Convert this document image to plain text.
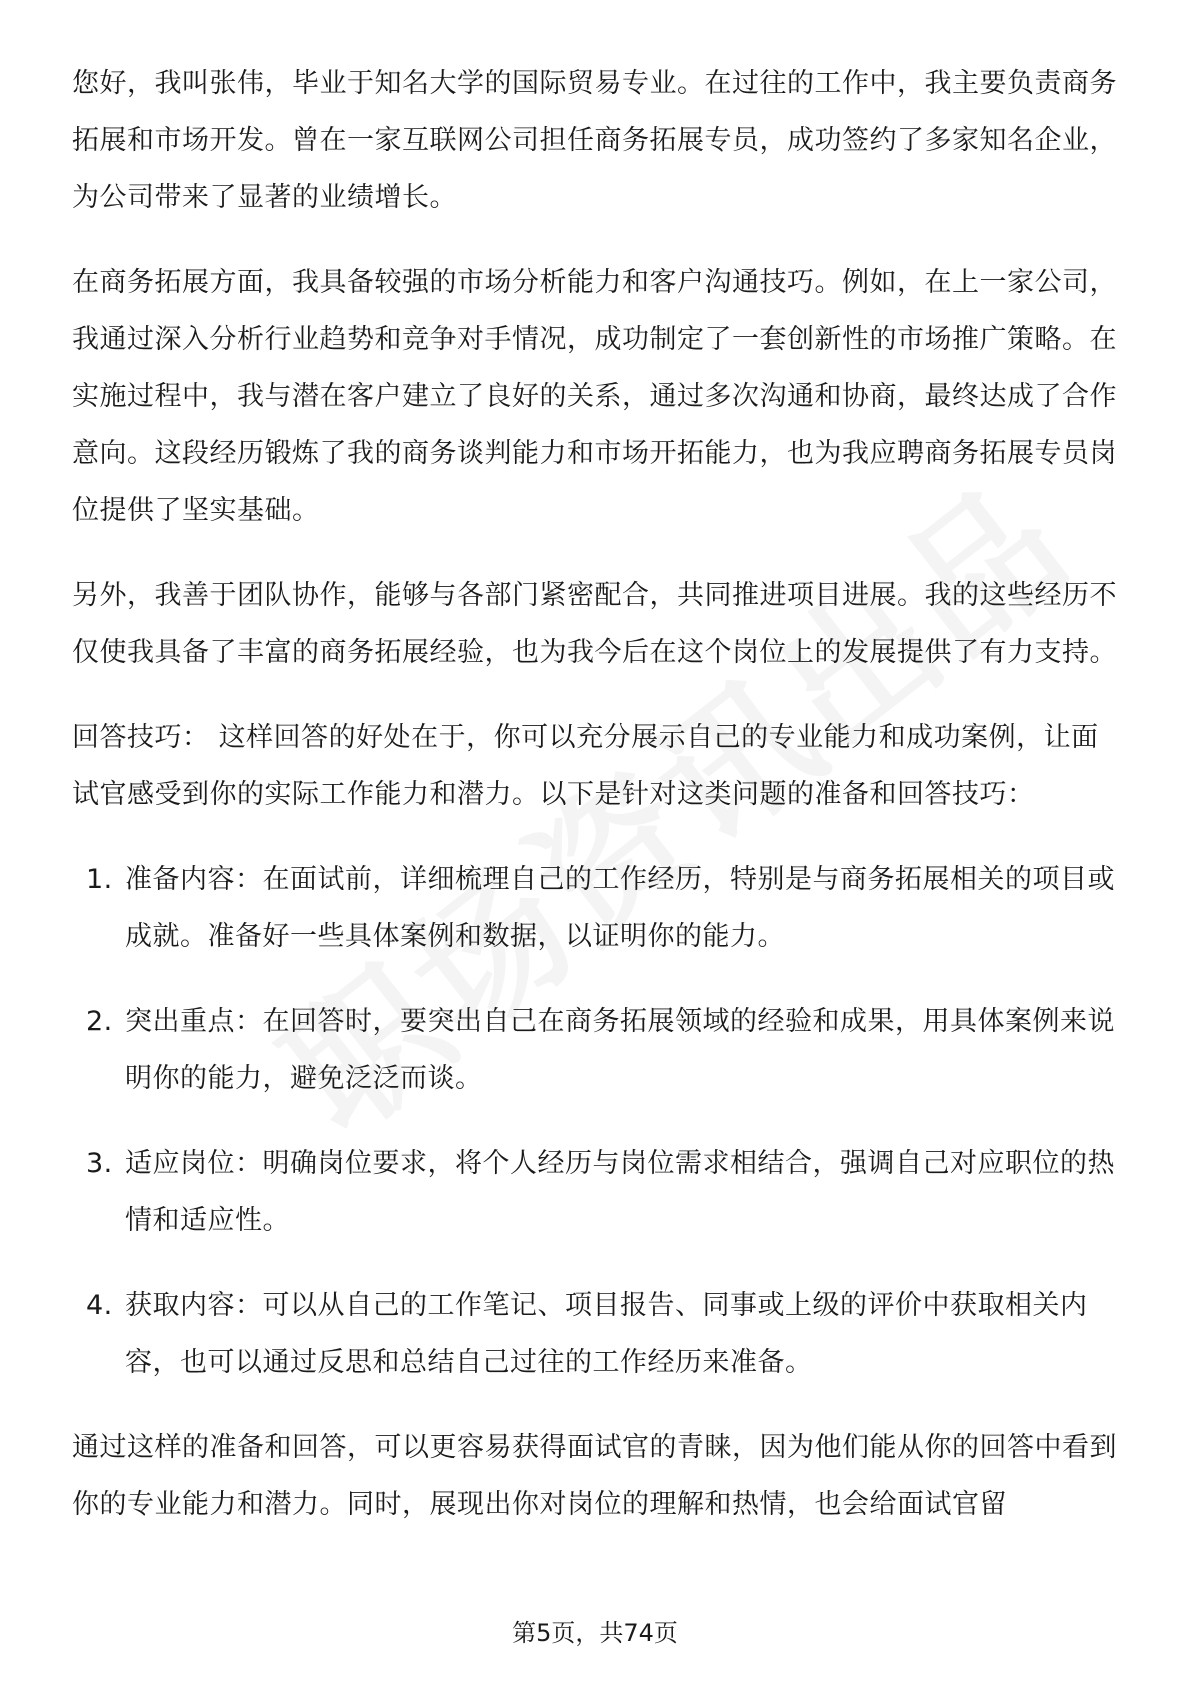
您好，我叫张伟，毕业于知名大学的国际贸易专业。在过往的工作中，我主要负责商务拓展和市场开发。曾在一家互联网公司担任商务拓展专员，成功签约了多家知名企业，为公司带来了显著的业绩增长。

在商务拓展方面，我具备较强的市场分析能力和客户沟通技巧。例如，在上一家公司，我通过深入分析行业趋势和竞争对手情况，成功制定了一套创新性的市场推广策略。在实施过程中，我与潜在客户建立了良好的关系，通过多次沟通和协商，最终达成了合作意向。这段经历锻炼了我的商务谈判能力和市场开拓能力，也为我应聘商务拓展专员岗位提供了坚实基础。

另外，我善于团队协作，能够与各部门紧密配合，共同推进项目进展。我的这些经历不仅使我具备了丰富的商务拓展经验，也为我今后在这个岗位上的发展提供了有力支持。

回答技巧： 这样回答的好处在于，你可以充分展示自己的专业能力和成功案例，让面试官感受到你的实际工作能力和潜力。以下是针对这类问题的准备和回答技巧：

1. 准备内容：在面试前，详细梳理自己的工作经历，特别是与商务拓展相关的项目或成就。准备好一些具体案例和数据，以证明你的能力。
2. 突出重点：在回答时，要突出自己在商务拓展领域的经验和成果，用具体案例来说明你的能力，避免泛泛而谈。
3. 适应岗位：明确岗位要求，将个人经历与岗位需求相结合，强调自己对应职位的热情和适应性。
4. 获取内容：可以从自己的工作笔记、项目报告、同事或上级的评价中获取相关内容，也可以通过反思和总结自己过往的工作经历来准备。

通过这样的准备和回答，可以更容易获得面试官的青睐，因为他们能从你的回答中看到你的专业能力和潜力。同时，展现出你对岗位的理解和热情，也会给面试官留

第5页，共74页
